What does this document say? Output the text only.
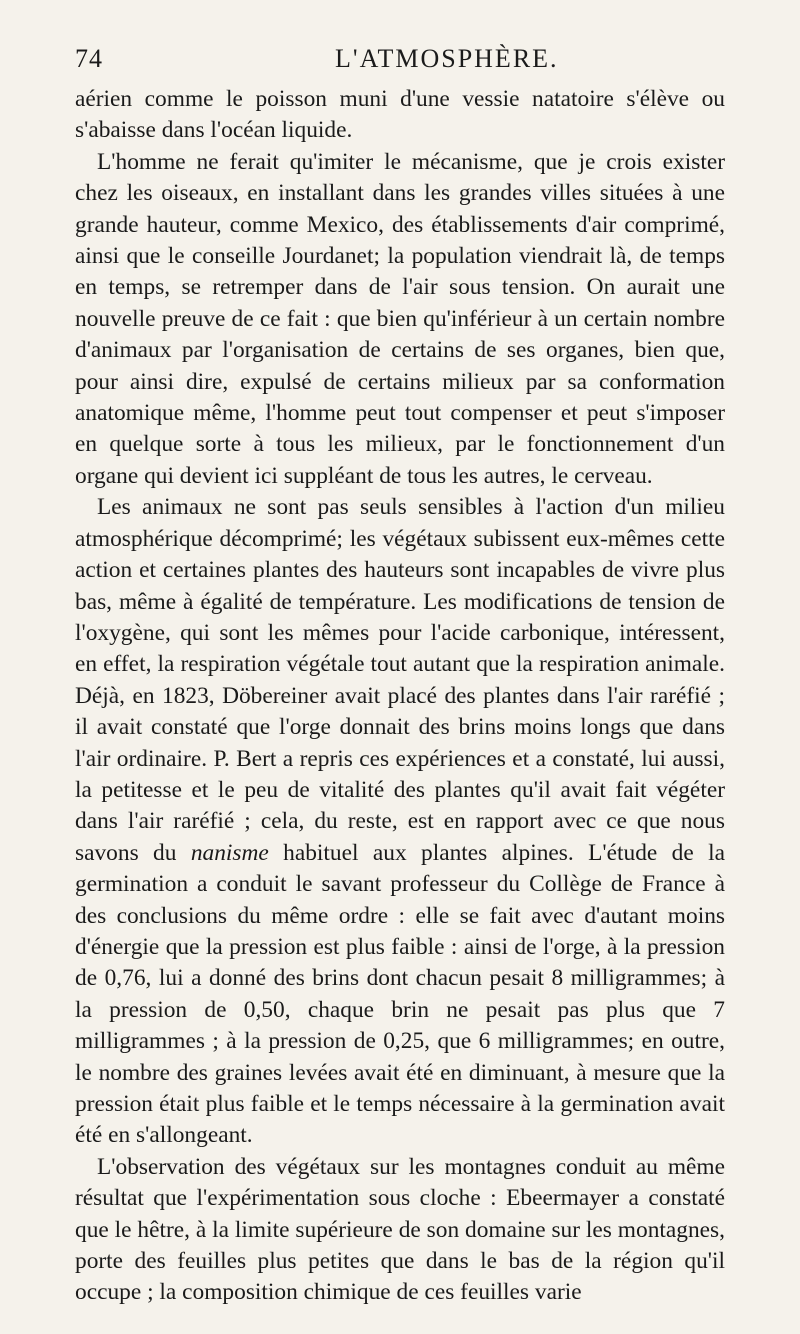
74	L'ATMOSPHÈRE.

aérien comme le poisson muni d'une vessie natatoire s'élève ou s'abaisse dans l'océan liquide.

L'homme ne ferait qu'imiter le mécanisme, que je crois exister chez les oiseaux, en installant dans les grandes villes situées à une grande hauteur, comme Mexico, des établissements d'air comprimé, ainsi que le conseille Jourdanet; la population viendrait là, de temps en temps, se retremper dans de l'air sous tension. On aurait une nouvelle preuve de ce fait : que bien qu'inférieur à un certain nombre d'animaux par l'organisation de certains de ses organes, bien que, pour ainsi dire, expulsé de certains milieux par sa conformation anatomique même, l'homme peut tout compenser et peut s'imposer en quelque sorte à tous les milieux, par le fonctionnement d'un organe qui devient ici suppléant de tous les autres, le cerveau.

Les animaux ne sont pas seuls sensibles à l'action d'un milieu atmosphérique décomprimé; les végétaux subissent eux-mêmes cette action et certaines plantes des hauteurs sont incapables de vivre plus bas, même à égalité de température. Les modifications de tension de l'oxygène, qui sont les mêmes pour l'acide carbonique, intéressent, en effet, la respiration végétale tout autant que la respiration animale. Déjà, en 1823, Döbereiner avait placé des plantes dans l'air raréfié ; il avait constaté que l'orge donnait des brins moins longs que dans l'air ordinaire. P. Bert a repris ces expériences et a constaté, lui aussi, la petitesse et le peu de vitalité des plantes qu'il avait fait végéter dans l'air raréfié ; cela, du reste, est en rapport avec ce que nous savons du nanisme habituel aux plantes alpines. L'étude de la germination a conduit le savant professeur du Collège de France à des conclusions du même ordre : elle se fait avec d'autant moins d'énergie que la pression est plus faible : ainsi de l'orge, à la pression de 0,76, lui a donné des brins dont chacun pesait 8 milligrammes; à la pression de 0,50, chaque brin ne pesait pas plus que 7 milligrammes ; à la pression de 0,25, que 6 milligrammes; en outre, le nombre des graines levées avait été en diminuant, à mesure que la pression était plus faible et le temps nécessaire à la germination avait été en s'allongeant.

L'observation des végétaux sur les montagnes conduit au même résultat que l'expérimentation sous cloche : Ebeermayer a constaté que le hêtre, à la limite supérieure de son domaine sur les montagnes, porte des feuilles plus petites que dans le bas de la région qu'il occupe ; la composition chimique de ces feuilles varie
